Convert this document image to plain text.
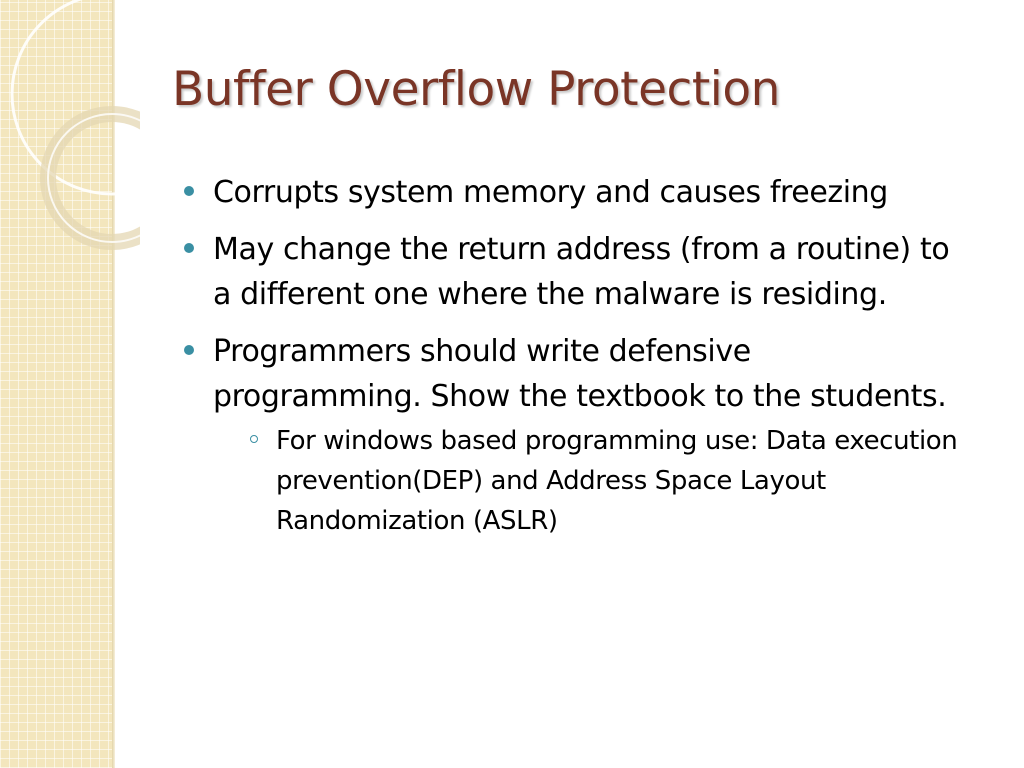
Buffer Overflow Protection
Corrupts system memory and causes freezing
May change the return address (from a routine) to a different one where the malware is residing.
Programmers should write defensive programming. Show the textbook to the students.
For windows based programming use: Data execution prevention(DEP) and Address Space Layout Randomization (ASLR)
